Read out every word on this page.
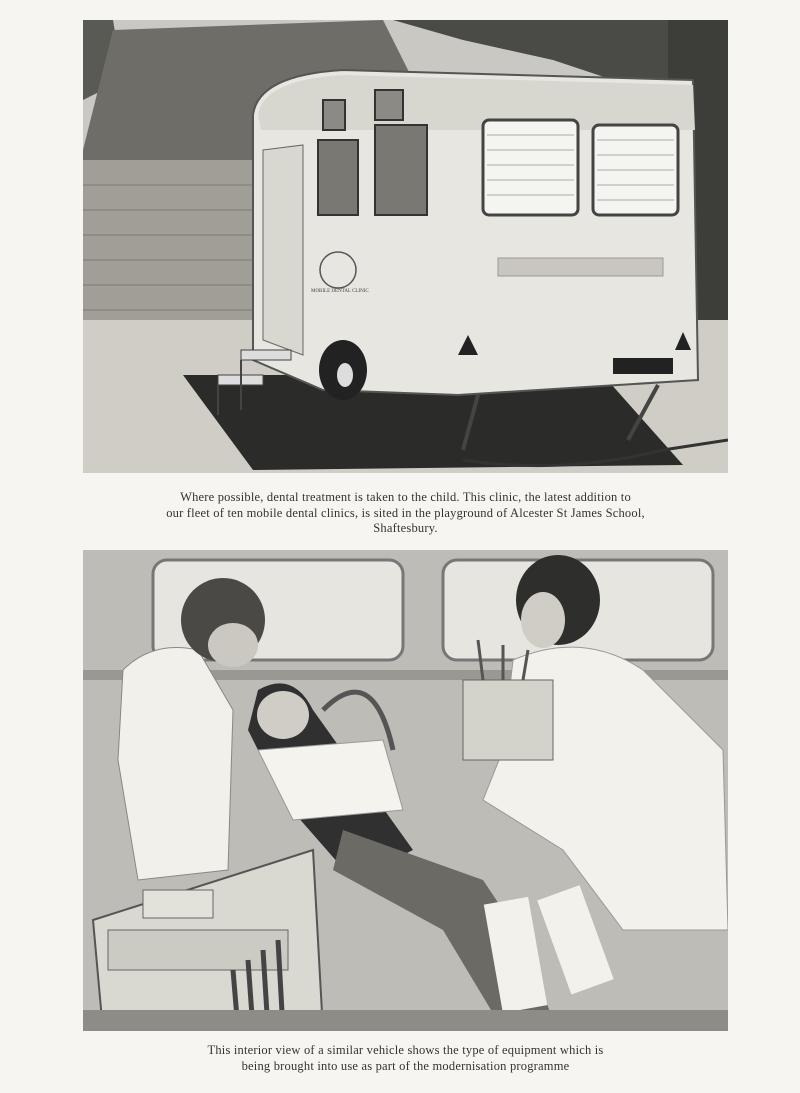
MOBILE DENTAL CLINIC
Where possible, dental treatment is taken to the child. This clinic, the latest addition to
our fleet of ten mobile dental clinics, is sited in the playground of Alcester St James School,
Shaftesbury.
This interior view of a similar vehicle shows the type of equipment which is
being brought into use as part of the modernisation programme
